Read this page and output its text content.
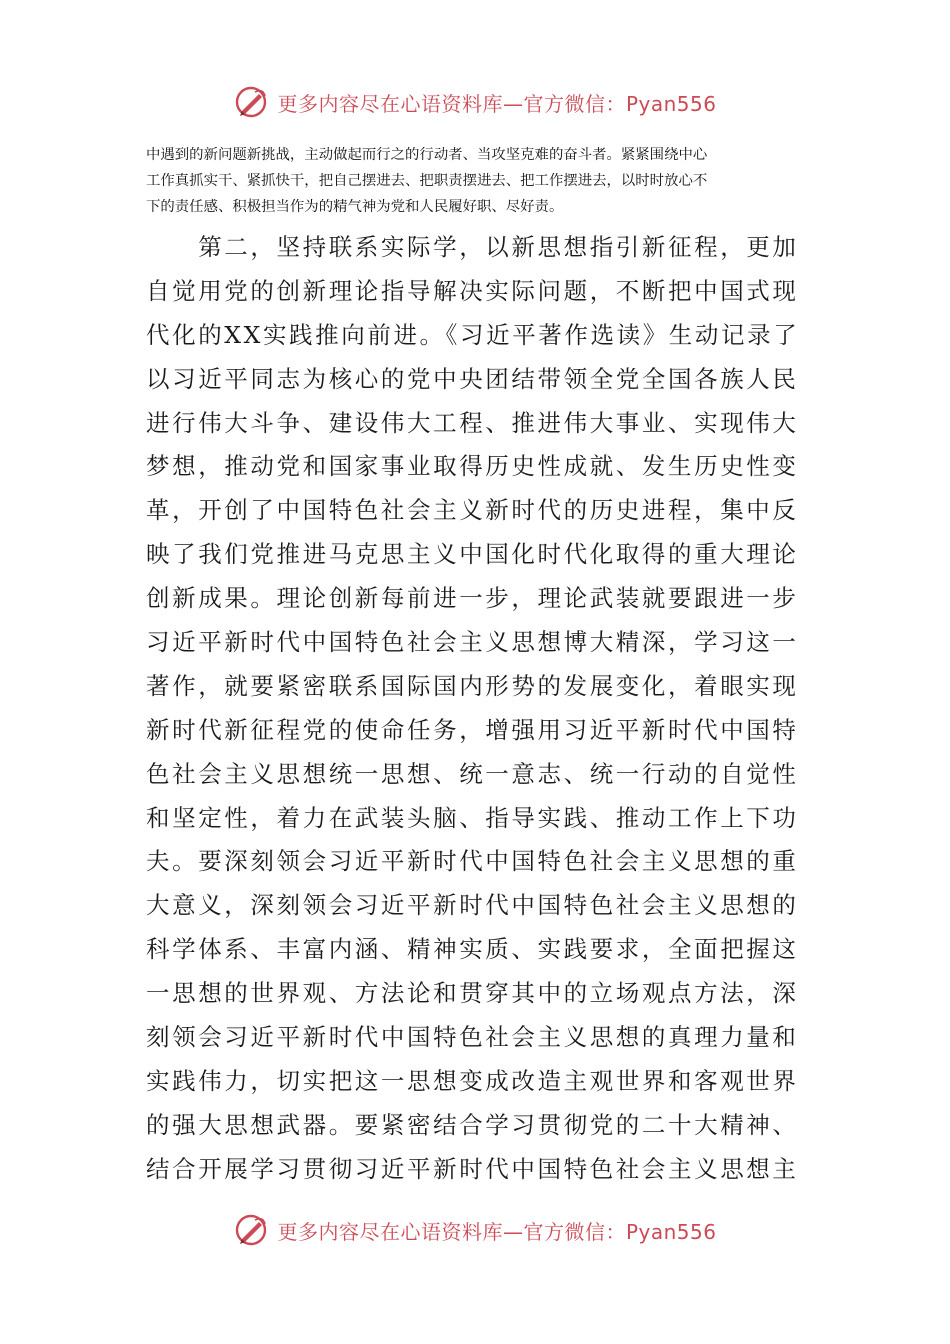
更多内容尽在心语资料库—官方微信：Pyan556
中遇到的新问题新挑战，主动做起而行之的行动者、当攻坚克难的奋斗者。紧紧围绕中心
工作真抓实干、紧抓快干，把自己摆进去、把职责摆进去、把工作摆进去，以时时放心不
下的责任感、积极担当作为的精气神为党和人民履好职、尽好责。
　　第二，坚持联系实际学，以新思想指引新征程，更加
自觉用党的创新理论指导解决实际问题，不断把中国式现
代化的XX实践推向前进。《习近平著作选读》生动记录了
以习近平同志为核心的党中央团结带领全党全国各族人民
进行伟大斗争、建设伟大工程、推进伟大事业、实现伟大
梦想，推动党和国家事业取得历史性成就、发生历史性变
革，开创了中国特色社会主义新时代的历史进程，集中反
映了我们党推进马克思主义中国化时代化取得的重大理论
创新成果。理论创新每前进一步，理论武装就要跟进一步
习近平新时代中国特色社会主义思想博大精深，学习这一
著作，就要紧密联系国际国内形势的发展变化，着眼实现
新时代新征程党的使命任务，增强用习近平新时代中国特
色社会主义思想统一思想、统一意志、统一行动的自觉性
和坚定性，着力在武装头脑、指导实践、推动工作上下功
夫。要深刻领会习近平新时代中国特色社会主义思想的重
大意义，深刻领会习近平新时代中国特色社会主义思想的
科学体系、丰富内涵、精神实质、实践要求，全面把握这
一思想的世界观、方法论和贯穿其中的立场观点方法，深
刻领会习近平新时代中国特色社会主义思想的真理力量和
实践伟力，切实把这一思想变成改造主观世界和客观世界
的强大思想武器。要紧密结合学习贯彻党的二十大精神、
结合开展学习贯彻习近平新时代中国特色社会主义思想主
更多内容尽在心语资料库—官方微信：Pyan556
